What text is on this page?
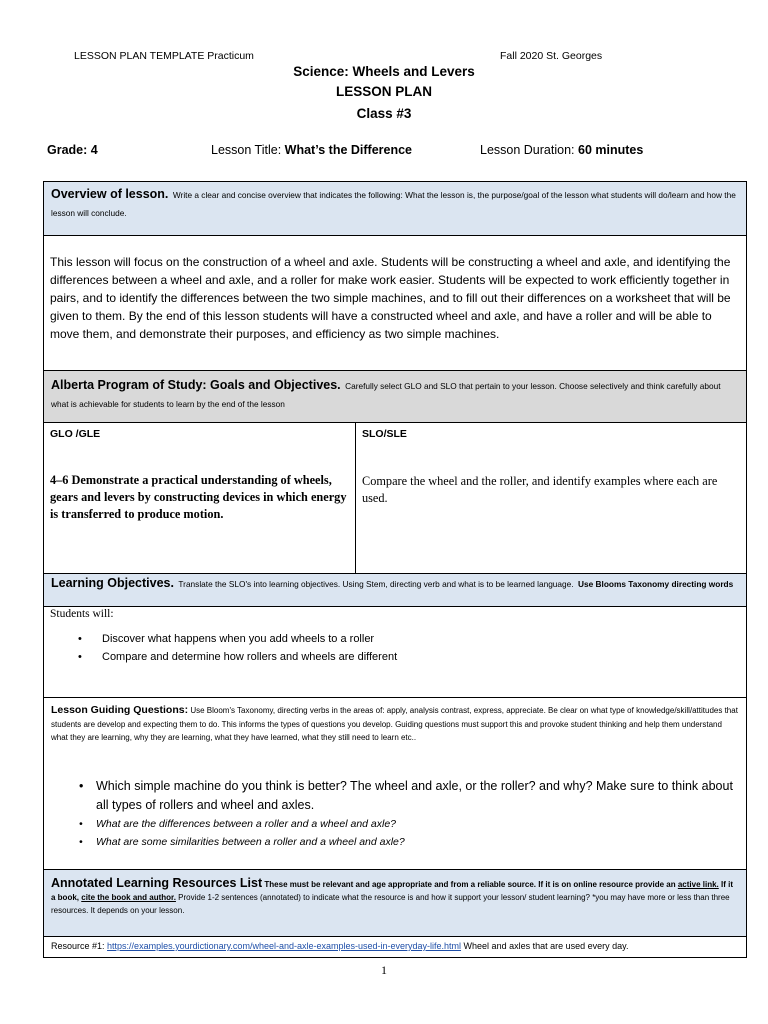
LESSON PLAN TEMPLATE Practicum	Fall 2020 St. Georges
Science: Wheels and Levers
LESSON PLAN
Class #3
Grade: 4	Lesson Title: What’s the Difference	Lesson Duration: 60 minutes
Overview of lesson. Write a clear and concise overview that indicates the following: What the lesson is, the purpose/goal of the lesson what students will do/learn and how the lesson will conclude.
This lesson will focus on the construction of a wheel and axle. Students will be constructing a wheel and axle, and identifying the differences between a wheel and axle, and a roller for make work easier. Students will be expected to work efficiently together in pairs, and to identify the differences between the two simple machines, and to fill out their differences on a worksheet that will be given to them. By the end of this lesson students will have a constructed wheel and axle, and have a roller and will be able to move them, and demonstrate their purposes, and efficiency as two simple machines.
Alberta Program of Study: Goals and Objectives. Carefully select GLO and SLO that pertain to your lesson. Choose selectively and think carefully about what is achievable for students to learn by the end of the lesson
GLO /GLE
4–6 Demonstrate a practical understanding of wheels, gears and levers by constructing devices in which energy is transferred to produce motion.
SLO/SLE
Compare the wheel and the roller, and identify examples where each are used.
Learning Objectives. Translate the SLO's into learning objectives. Using Stem, directing verb and what is to be learned language. Use Blooms Taxonomy directing words
Students will:
• Discover what happens when you add wheels to a roller
• Compare and determine how rollers and wheels are different
Lesson Guiding Questions: Use Bloom's Taxonomy, directing verbs in the areas of: apply, analysis contrast, express, appreciate. Be clear on what type of knowledge/skill/attitudes that students are develop and expecting them to do. This informs the types of questions you develop. Guiding questions must support this and provoke student thinking and help them understand what they are learning, why they are learning, what they have learned, what they still need to learn etc..
• Which simple machine do you think is better? The wheel and axle, or the roller? and why? Make sure to think about all types of rollers and wheel and axles.
• What are the differences between a roller and a wheel and axle?
• What are some similarities between a roller and a wheel and axle?
Annotated Learning Resources List These must be relevant and age appropriate and from a reliable source. If it is on online resource provide an active link. If it a book, cite the book and author. Provide 1-2 sentences (annotated) to indicate what the resource is and how it support your lesson/ student learning? *you may have more or less than three resources. It depends on your lesson.
Resource #1: https://examples.yourdictionary.com/wheel-and-axle-examples-used-in-everyday-life.html Wheel and axles that are used every day.
1
